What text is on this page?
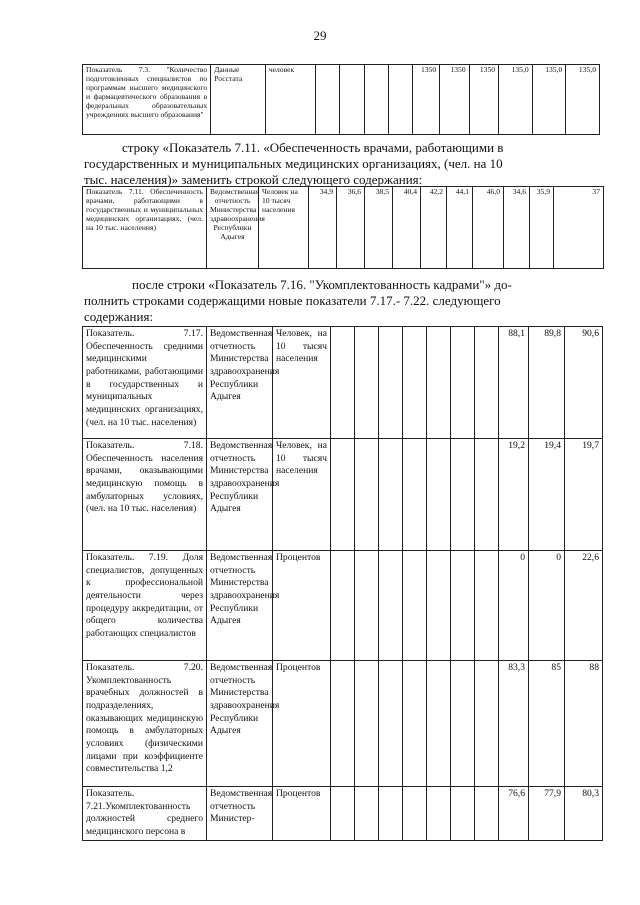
29
Показатель 7.3. "Количество подготовленных специалистов по программам высшего медицинского и фармацевтического образования в федеральных образовательных учреждениях высшего образования"	Данные Росстата	человек					1350	1350	1350	135,0	135,0	135,0
строку «Показатель 7.11. «Обеспеченность врачами, работающими в
государственных и муниципальных медицинских организациях, (чел. на 10
тыс. населения)» заменить строкой следующего содержания:
Показатель 7.11. Обеспеченность врачами, работающими в государственных и муниципальных медицинских организациях, (чел. на 10 тыс. населения)	Ведомственная отчетность Министерства здравоохранения Республики Адыгея	Человек на 10 тысяч населения	34,9	36,6	38,5	40,4	42,2	44,1	46,0	34,6	35,9	37
после строки «Показатель 7.16. "Укомплектованность кадрами"» до-
полнить строками содержащими новые показатели 7.17.- 7.22. следующего
содержания:
Показатель. 7.17. Обеспеченность средними медицинскими работниками, работающими в государственных и муниципальных медицинских организациях, (чел. на 10 тыс. населения)	Ведомственная отчетность Министерства здравоохранения Республики Адыгея	Человек, на 10 тысяч населения								88,1	89,8	90,6
Показатель. 7.18. Обеспеченность населения врачами, оказывающими медицинскую помощь в амбулаторных условиях, (чел. на 10 тыс. населения)	Ведомственная отчетность Министерства здравоохранения Республики Адыгея	Человек, на 10 тысяч населения								19,2	19,4	19,7
Показатель. 7.19. Доля специалистов, допущенных к профессиональной деятельности через процедуру аккредитации, от общего количества работающих специалистов	Ведомственная отчетность Министерства здравоохранения Республики Адыгея	Процентов								0	0	22,6
Показатель. 7.20. Укомплектованность врачебных должностей в подразделениях, оказывающих медицинскую помощь в амбулаторных условиях (физическими лицами при коэффициенте совместительства 1,2	Ведомственная отчетность Министерства здравоохранения Республики Адыгея	Процентов								83,3	85	88
Показатель. 7.21.Укомплектованность должностей среднего медицинского персона в	Ведомственная отчетность Министер-	Процентов								76,6	77,9	80,3
